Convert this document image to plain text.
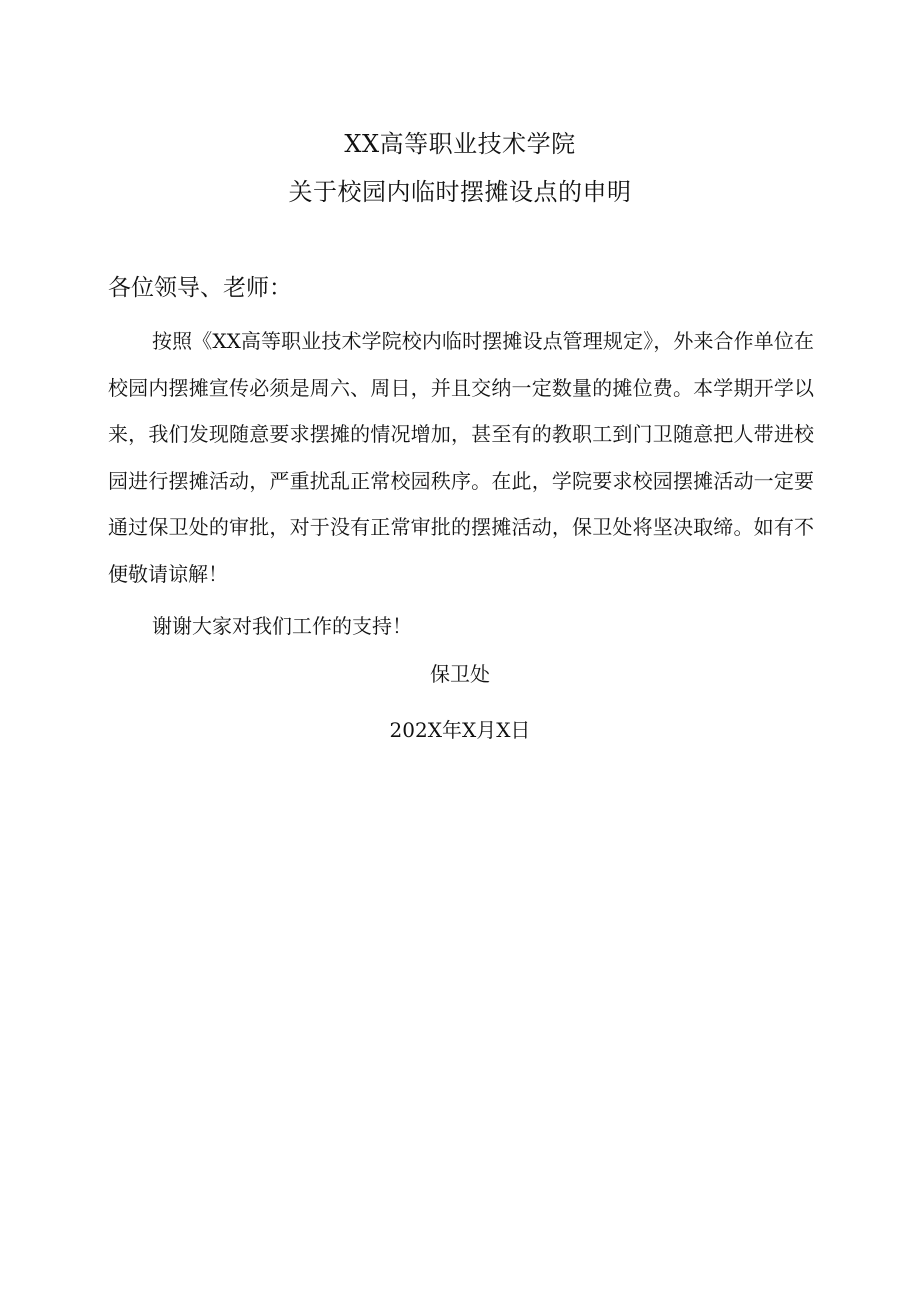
XX高等职业技术学院
关于校园内临时摆摊设点的申明
各位领导、老师：
按照《XX高等职业技术学院校内临时摆摊设点管理规定》，外来合作单位在校园内摆摊宣传必须是周六、周日，并且交纳一定数量的摊位费。本学期开学以来，我们发现随意要求摆摊的情况增加，甚至有的教职工到门卫随意把人带进校园进行摆摊活动，严重扰乱正常校园秩序。在此，学院要求校园摆摊活动一定要通过保卫处的审批，对于没有正常审批的摆摊活动，保卫处将坚决取缔。如有不便敬请谅解！
谢谢大家对我们工作的支持！
保卫处
202X年X月X日
